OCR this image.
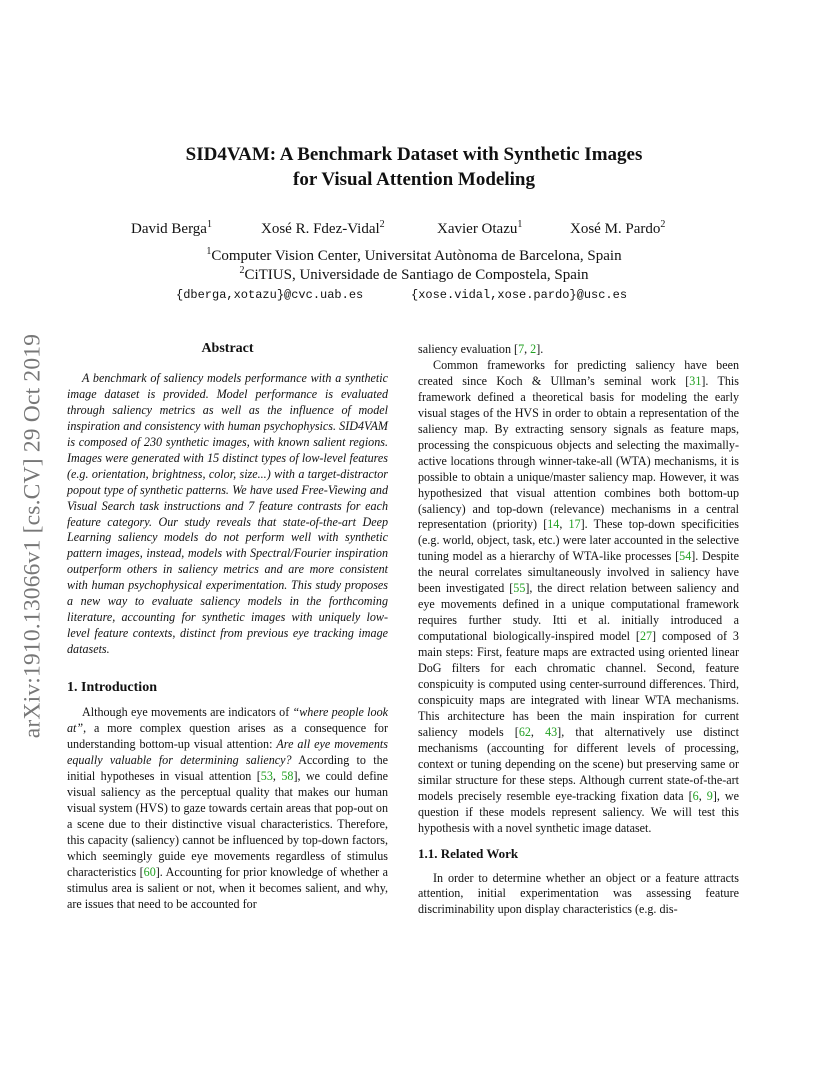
arXiv:1910.13066v1 [cs.CV] 29 Oct 2019
SID4VAM: A Benchmark Dataset with Synthetic Images
for Visual Attention Modeling
David Berga$^1$	Xosé R. Fdez-Vidal$^2$	Xavier Otazu$^1$	Xosé M. Pardo$^2$
$^1$Computer Vision Center, Universitat Autònoma de Barcelona, Spain
$^2$CiTIUS, Universidade de Santiago de Compostela, Spain
{dberga,xotazu}@cvc.uab.es	{xose.vidal,xose.pardo}@usc.es
Abstract

A benchmark of saliency models performance with a synthetic image dataset is provided. Model performance is evaluated through saliency metrics as well as the influence of model inspiration and consistency with human psychophysics. SID4VAM is composed of 230 synthetic images, with known salient regions. Images were generated with 15 distinct types of low-level features (e.g. orientation, brightness, color, size...) with a target-distractor popout type of synthetic patterns. We have used Free-Viewing and Visual Search task instructions and 7 feature contrasts for each feature category. Our study reveals that state-of-the-art Deep Learning saliency models do not perform well with synthetic pattern images, instead, models with Spectral/Fourier inspiration outperform others in saliency metrics and are more consistent with human psychophysical experimentation. This study proposes a new way to evaluate saliency models in the forthcoming literature, accounting for synthetic images with uniquely low-level feature contexts, distinct from previous eye tracking image datasets.

1. Introduction

Although eye movements are indicators of “where people look at”, a more complex question arises as a consequence for understanding bottom-up visual attention: Are all eye movements equally valuable for determining saliency? According to the initial hypotheses in visual attention [53, 58], we could define visual saliency as the perceptual quality that makes our human visual system (HVS) to gaze towards certain areas that pop-out on a scene due to their distinctive visual characteristics. Therefore, this capacity (saliency) cannot be influenced by top-down factors, which seemingly guide eye movements regardless of stimulus characteristics [60]. Accounting for prior knowledge of whether a stimulus area is salient or not, when it becomes salient, and why, are issues that need to be accounted for

saliency evaluation [7, 2].

Common frameworks for predicting saliency have been created since Koch & Ullman’s seminal work [31]. This framework defined a theoretical basis for modeling the early visual stages of the HVS in order to obtain a representation of the saliency map. By extracting sensory signals as feature maps, processing the conspicuous objects and selecting the maximally-active locations through winner-take-all (WTA) mechanisms, it is possible to obtain a unique/master saliency map. However, it was hypothesized that visual attention combines both bottom-up (saliency) and top-down (relevance) mechanisms in a central representation (priority) [14, 17]. These top-down specificities (e.g. world, object, task, etc.) were later accounted in the selective tuning model as a hierarchy of WTA-like processes [54]. Despite the neural correlates simultaneously involved in saliency have been investigated [55], the direct relation between saliency and eye movements defined in a unique computational framework requires further study. Itti et al. initially introduced a computational biologically-inspired model [27] composed of 3 main steps: First, feature maps are extracted using oriented linear DoG filters for each chromatic channel. Second, feature conspicuity is computed using center-surround differences. Third, conspicuity maps are integrated with linear WTA mechanisms. This architecture has been the main inspiration for current saliency models [62, 43], that alternatively use distinct mechanisms (accounting for different levels of processing, context or tuning depending on the scene) but preserving same or similar structure for these steps. Although current state-of-the-art models precisely resemble eye-tracking fixation data [6, 9], we question if these models represent saliency. We will test this hypothesis with a novel synthetic image dataset.

1.1. Related Work

In order to determine whether an object or a feature attracts attention, initial experimentation was assessing feature discriminability upon display characteristics (e.g. dis-
